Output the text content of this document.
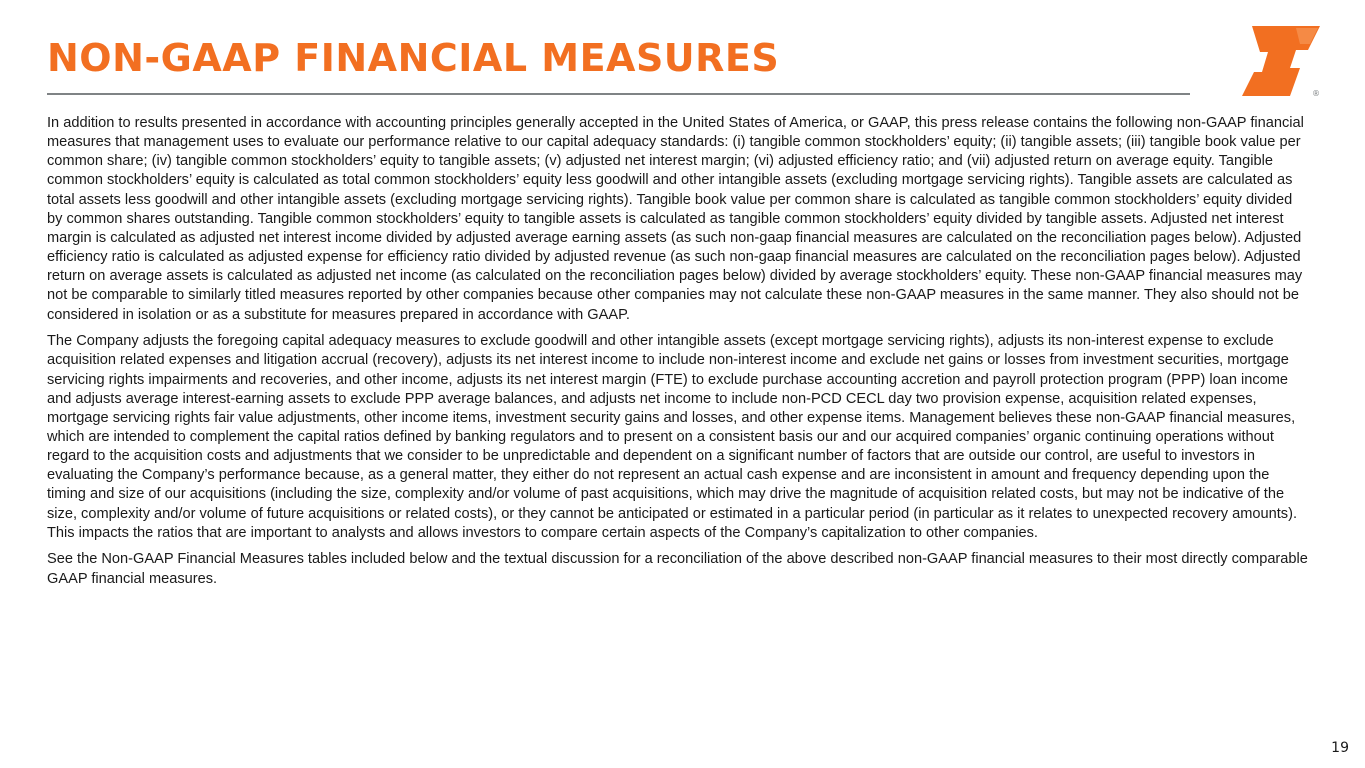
NON-GAAP FINANCIAL MEASURES
®

In addition to results presented in accordance with accounting principles generally accepted in the United States of America, or GAAP, this press release contains the following non-GAAP financial measures that management uses to evaluate our performance relative to our capital adequacy standards: (i) tangible common stockholders’ equity; (ii) tangible assets; (iii) tangible book value per common share; (iv) tangible common stockholders’ equity to tangible assets; (v) adjusted net interest margin; (vi) adjusted efficiency ratio; and (vii) adjusted return on average equity. Tangible common stockholders’ equity is calculated as total common stockholders’ equity less goodwill and other intangible assets (excluding mortgage servicing rights). Tangible assets are calculated as total assets less goodwill and other intangible assets (excluding mortgage servicing rights). Tangible book value per common share is calculated as tangible common stockholders’ equity divided by common shares outstanding. Tangible common stockholders’ equity to tangible assets is calculated as tangible common stockholders’ equity divided by tangible assets. Adjusted net interest margin is calculated as adjusted net interest income divided by adjusted average earning assets (as such non-gaap financial measures are calculated on the reconciliation pages below). Adjusted efficiency ratio is calculated as adjusted expense for efficiency ratio divided by adjusted revenue (as such non-gaap financial measures are calculated on the reconciliation pages below). Adjusted return on average assets is calculated as adjusted net income (as calculated on the reconciliation pages below) divided by average stockholders’ equity. These non-GAAP financial measures may not be comparable to similarly titled measures reported by other companies because other companies may not calculate these non-GAAP measures in the same manner. They also should not be considered in isolation or as a substitute for measures prepared in accordance with GAAP.

The Company adjusts the foregoing capital adequacy measures to exclude goodwill and other intangible assets (except mortgage servicing rights), adjusts its non-interest expense to exclude acquisition related expenses and litigation accrual (recovery), adjusts its net interest income to include non-interest income and exclude net gains or losses from investment securities, mortgage servicing rights impairments and recoveries, and other income, adjusts its net interest margin (FTE) to exclude purchase accounting accretion and payroll protection program (PPP) loan income and adjusts average interest-earning assets to exclude PPP average balances, and adjusts net income to include non-PCD CECL day two provision expense, acquisition related expenses, mortgage servicing rights fair value adjustments, other income items, investment security gains and losses, and other expense items. Management believes these non-GAAP financial measures, which are intended to complement the capital ratios defined by banking regulators and to present on a consistent basis our and our acquired companies’ organic continuing operations without regard to the acquisition costs and adjustments that we consider to be unpredictable and dependent on a significant number of factors that are outside our control, are useful to investors in evaluating the Company’s performance because, as a general matter, they either do not represent an actual cash expense and are inconsistent in amount and frequency depending upon the timing and size of our acquisitions (including the size, complexity and/or volume of past acquisitions, which may drive the magnitude of acquisition related costs, but may not be indicative of the size, complexity and/or volume of future acquisitions or related costs), or they cannot be anticipated or estimated in a particular period (in particular as it relates to unexpected recovery amounts). This impacts the ratios that are important to analysts and allows investors to compare certain aspects of the Company’s capitalization to other companies.

See the Non-GAAP Financial Measures tables included below and the textual discussion for a reconciliation of the above described non-GAAP financial measures to their most directly comparable GAAP financial measures.

19
